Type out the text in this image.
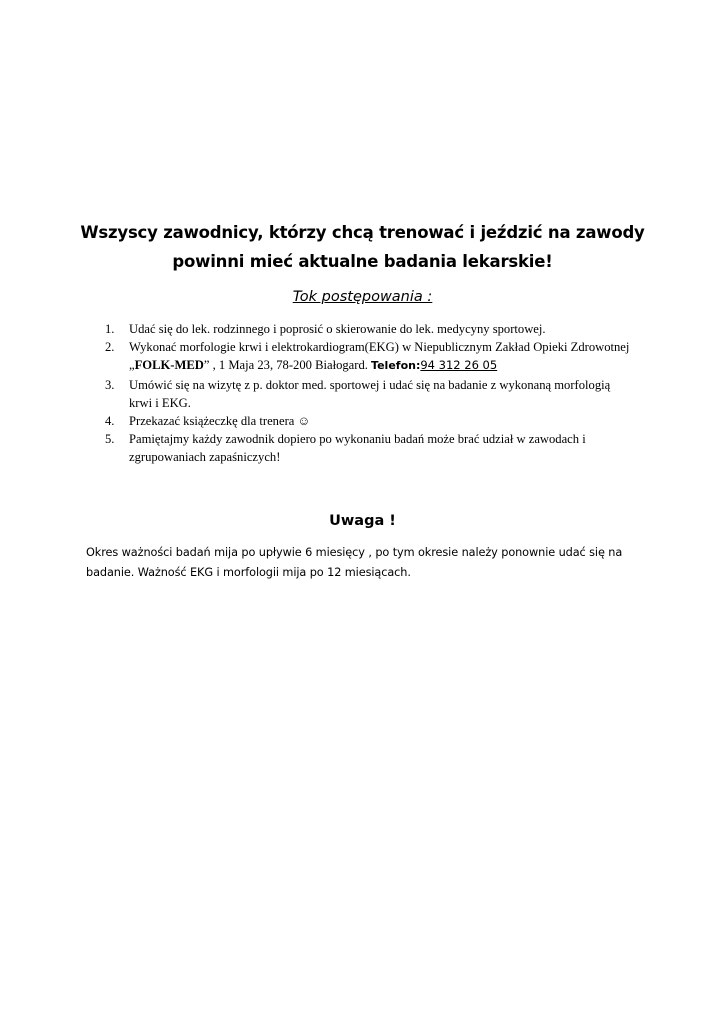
Wszyscy zawodnicy, którzy chcą trenować i jeździć na zawody
powinni mieć aktualne badania lekarskie!
Tok postępowania :
1. Udać się do lek. rodzinnego i poprosić o skierowanie do lek. medycyny sportowej.
2. Wykonać morfologie krwi i elektrokardiogram(EKG) w Niepublicznym Zakład Opieki Zdrowotnej „FOLK-MED” , 1 Maja 23, 78-200 Białogard. Telefon:94 312 26 05
3. Umówić się na wizytę z p. doktor med. sportowej i udać się na badanie z wykonaną morfologią krwi i EKG.
4. Przekazać książeczkę dla trenera ☺
5. Pamiętajmy każdy zawodnik dopiero po wykonaniu badań może brać udział w zawodach i zgrupowaniach zapaśniczych!
Uwaga !
Okres ważności badań mija po upływie 6 miesięcy , po tym okresie należy ponownie udać się na badanie. Ważność EKG i morfologii mija po 12 miesiącach.
